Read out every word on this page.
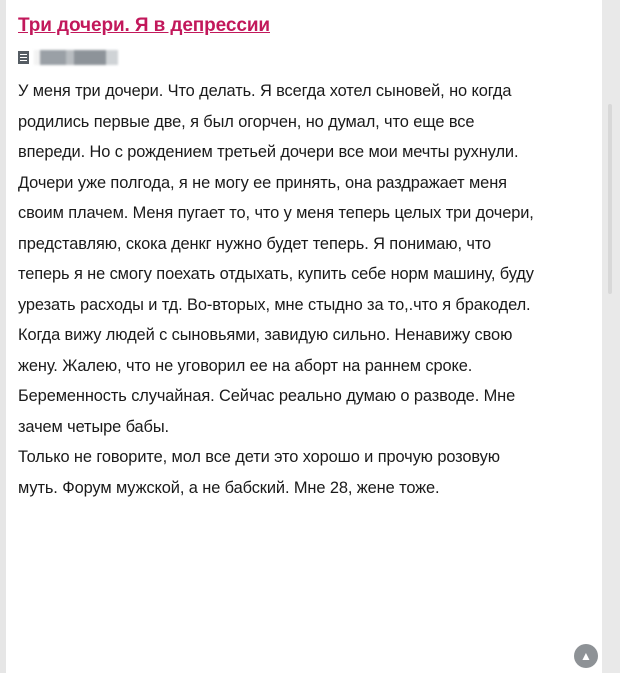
Три дочери. Я в депрессии

У меня три дочери. Что делать. Я всегда хотел сыновей, но когда родились первые две, я был огорчен, но думал, что еще все впереди. Но с рождением третьей дочери все мои мечты рухнули. Дочери уже полгода, я не могу ее принять, она раздражает меня своим плачем. Меня пугает то, что у меня теперь целых три дочери, представляю, скока денкг нужно будет теперь. Я понимаю, что теперь я не смогу поехать отдыхать, купить себе норм машину, буду урезать расходы и тд. Во-вторых, мне стыдно за то,.что я бракодел. Когда вижу людей с сыновьями, завидую сильно. Ненавижу свою жену. Жалею, что не уговорил ее на аборт на раннем сроке. Беременность случайная. Сейчас реально думаю о разводе. Мне зачем четыре бабы.

Только не говорите, мол все дети это хорошо и прочую розовую муть. Форум мужской, а не бабский. Мне 28, жене тоже.

▲
